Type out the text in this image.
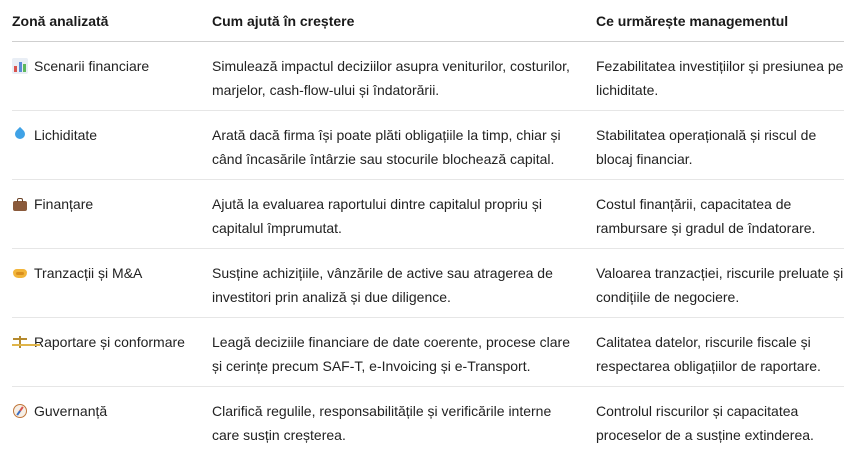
Zonă analizată	Cum ajută în creștere	Ce urmărește managementul

Scenarii financiare	Simulează impactul deciziilor asupra veniturilor, costurilor, marjelor, cash-flow-ului și îndatorării.	Fezabilitatea investițiilor și presiunea pe lichiditate.
Lichiditate	Arată dacă firma își poate plăti obligațiile la timp, chiar și când încasările întârzie sau stocurile blochează capital.	Stabilitatea operațională și riscul de blocaj financiar.
Finanțare	Ajută la evaluarea raportului dintre capitalul propriu și capitalul împrumutat.	Costul finanțării, capacitatea de rambursare și gradul de îndatorare.
Tranzacții și M&A	Susține achizițiile, vânzările de active sau atragerea de investitori prin analiză și due diligence.	Valoarea tranzacției, riscurile preluate și condițiile de negociere.
Raportare și conformare	Leagă deciziile financiare de date coerente, procese clare și cerințe precum SAF-T, e-Invoicing și e-Transport.	Calitatea datelor, riscurile fiscale și respectarea obligațiilor de raportare.
Guvernanță	Clarifică regulile, responsabilitățile și verificările interne care susțin creșterea.	Controlul riscurilor și capacitatea proceselor de a susține extinderea.
